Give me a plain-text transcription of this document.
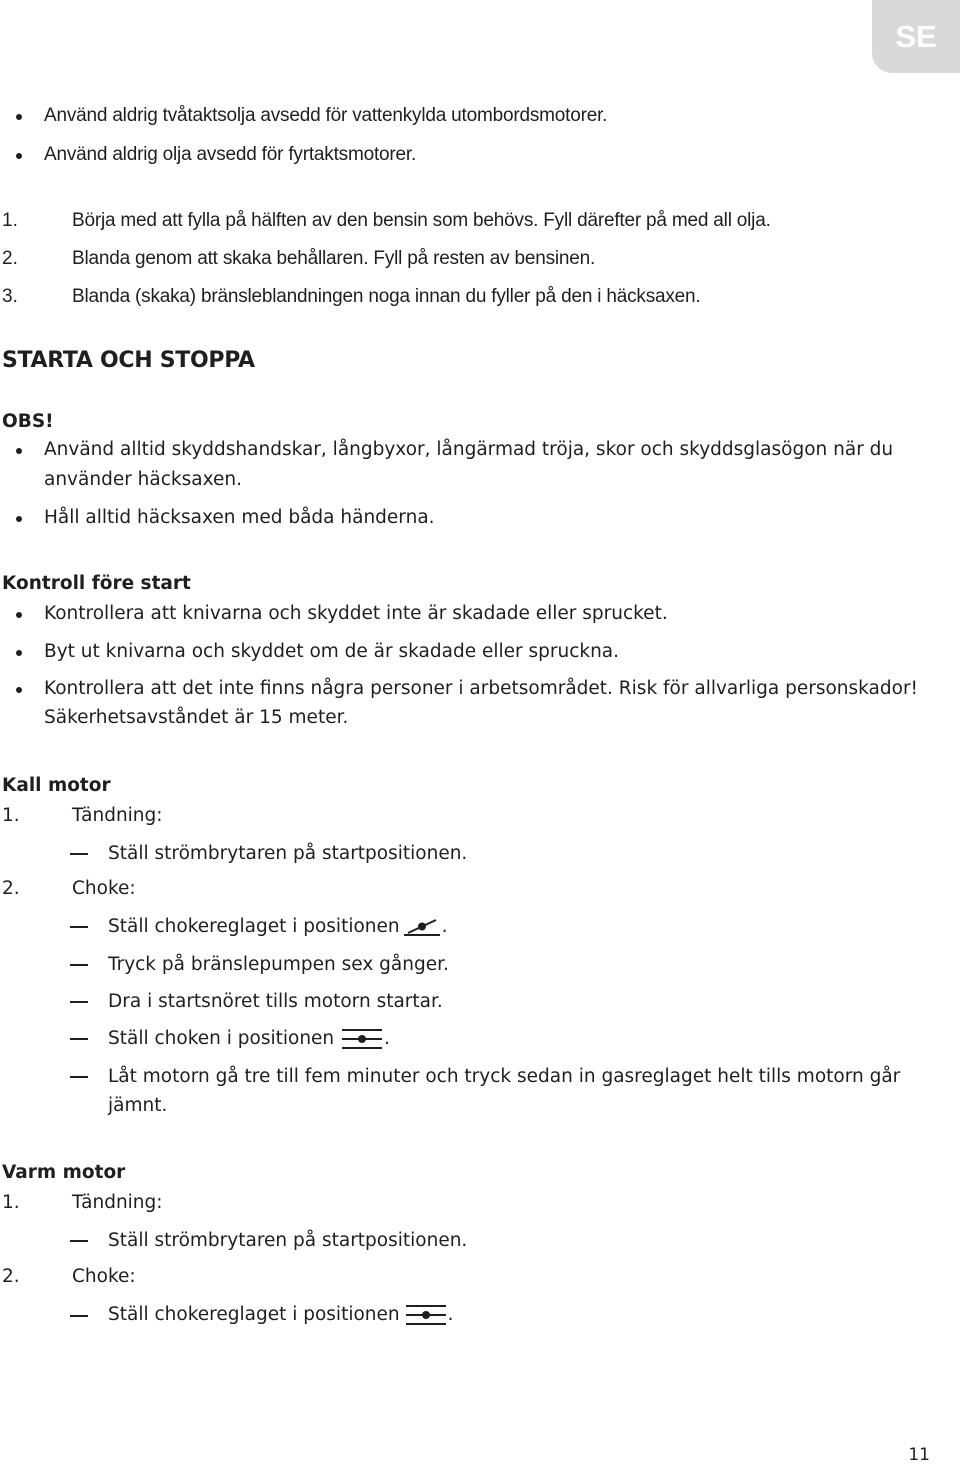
SE
Använd aldrig tvåtaktsolja avsedd för vattenkylda utombordsmotorer.
Använd aldrig olja avsedd för fyrtaktsmotorer.
1.	Börja med att fylla på hälften av den bensin som behövs. Fyll därefter på med all olja.
2.	Blanda genom att skaka behållaren. Fyll på resten av bensinen.
3.	Blanda (skaka) bränsleblandningen noga innan du fyller på den i häcksaxen.
STARTA OCH STOPPA
OBS!
Använd alltid skyddshandskar, långbyxor, långärmad tröja, skor och skyddsglasögon när du
använder häcksaxen.
Håll alltid häcksaxen med båda händerna.
Kontroll före start
Kontrollera att knivarna och skyddet inte är skadade eller sprucket.
Byt ut knivarna och skyddet om de är skadade eller spruckna.
Kontrollera att det inte finns några personer i arbetsområdet. Risk för allvarliga personskador!
Säkerhetsavståndet är 15 meter.
Kall motor
1.	Tändning:
Ställ strömbrytaren på startpositionen.
2.	Choke:
Ställ chokereglaget i positionen .
Tryck på bränslepumpen sex gånger.
Dra i startsnöret tills motorn startar.
Ställ choken i positionen	.
Låt motorn gå tre till fem minuter och tryck sedan in gasreglaget helt tills motorn går
jämnt.
Varm motor
1.	Tändning:
Ställ strömbrytaren på startpositionen.
2.	Choke:
Ställ chokereglaget i positionen	.
11
